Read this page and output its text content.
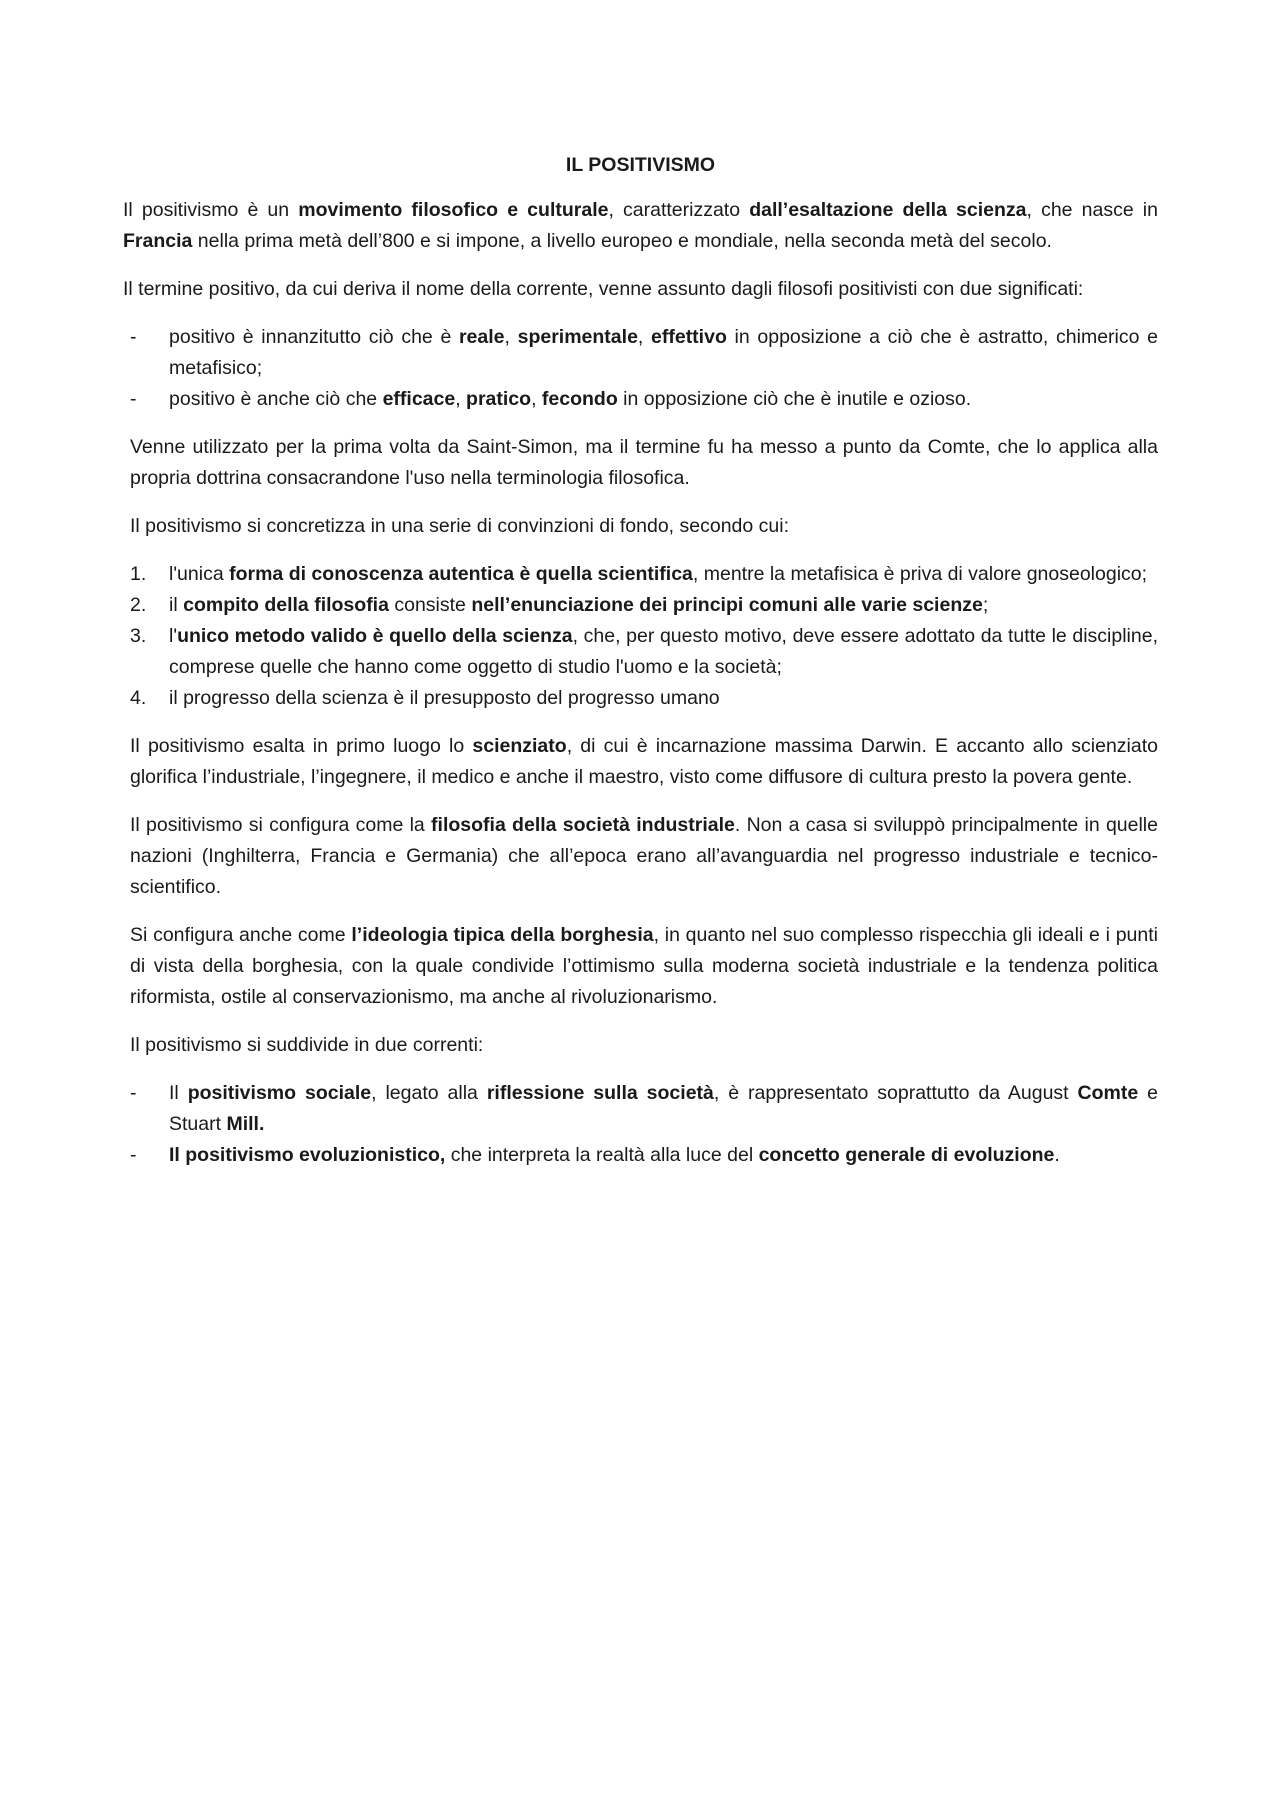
IL POSITIVISMO

Il positivismo è un movimento filosofico e culturale, caratterizzato dall’esaltazione della scienza, che nasce in Francia nella prima metà dell’800 e si impone, a livello europeo e mondiale, nella seconda metà del secolo.

Il termine positivo, da cui deriva il nome della corrente, venne assunto dagli filosofi positivisti con due significati:

- positivo è innanzitutto ciò che è reale, sperimentale, effettivo in opposizione a ciò che è astratto, chimerico e metafisico;
- positivo è anche ciò che efficace, pratico, fecondo in opposizione ciò che è inutile e ozioso.

Venne utilizzato per la prima volta da Saint-Simon, ma il termine fu ha messo a punto da Comte, che lo applica alla propria dottrina consacrandone l'uso nella terminologia filosofica.

Il positivismo si concretizza in una serie di convinzioni di fondo, secondo cui:

1. l'unica forma di conoscenza autentica è quella scientifica, mentre la metafisica è priva di valore gnoseologico;
2. il compito della filosofia consiste nell’enunciazione dei principi comuni alle varie scienze;
3. l'unico metodo valido è quello della scienza, che, per questo motivo, deve essere adottato da tutte le discipline, comprese quelle che hanno come oggetto di studio l'uomo e la società;
4. il progresso della scienza è il presupposto del progresso umano

Il positivismo esalta in primo luogo lo scienziato, di cui è incarnazione massima Darwin. E accanto allo scienziato glorifica l’industriale, l’ingegnere, il medico e anche il maestro, visto come diffusore di cultura presto la povera gente.

Il positivismo si configura come la filosofia della società industriale. Non a casa si sviluppò principalmente in quelle nazioni (Inghilterra, Francia e Germania) che all’epoca erano all’avanguardia nel progresso industriale e tecnico-scientifico.

Si configura anche come l’ideologia tipica della borghesia, in quanto nel suo complesso rispecchia gli ideali e i punti di vista della borghesia, con la quale condivide l’ottimismo sulla moderna società industriale e la tendenza politica riformista, ostile al conservazionismo, ma anche al rivoluzionarismo.

Il positivismo si suddivide in due correnti:

- Il positivismo sociale, legato alla riflessione sulla società, è rappresentato soprattutto da August Comte e Stuart Mill.
- Il positivismo evoluzionistico, che interpreta la realtà alla luce del concetto generale di evoluzione.
